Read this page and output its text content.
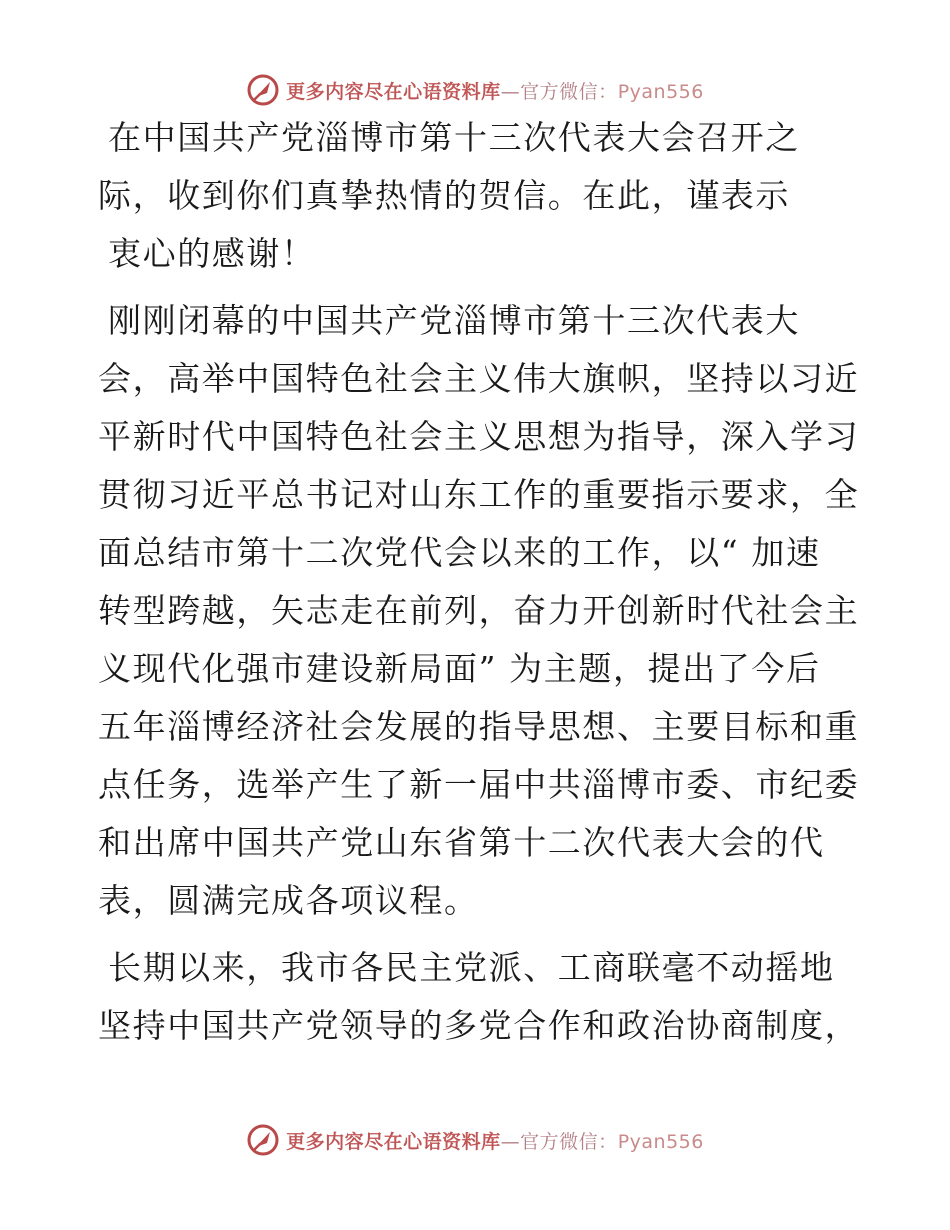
更多内容尽在心语资料库—官方微信：Pyan556
在中国共产党淄博市第十三次代表大会召开之
际，收到你们真挚热情的贺信。在此，谨表示
衷心的感谢！
刚刚闭幕的中国共产党淄博市第十三次代表大
会，高举中国特色社会主义伟大旗帜，坚持以习近
平新时代中国特色社会主义思想为指导，深入学习
贯彻习近平总书记对山东工作的重要指示要求，全
面总结市第十二次党代会以来的工作，以“ 加速
转型跨越，矢志走在前列，奋力开创新时代社会主
义现代化强市建设新局面” 为主题，提出了今后
五年淄博经济社会发展的指导思想、主要目标和重
点任务，选举产生了新一届中共淄博市委、市纪委
和出席中国共产党山东省第十二次代表大会的代
表，圆满完成各项议程。
长期以来，我市各民主党派、工商联毫不动摇地
坚持中国共产党领导的多党合作和政治协商制度，
更多内容尽在心语资料库—官方微信：Pyan556
